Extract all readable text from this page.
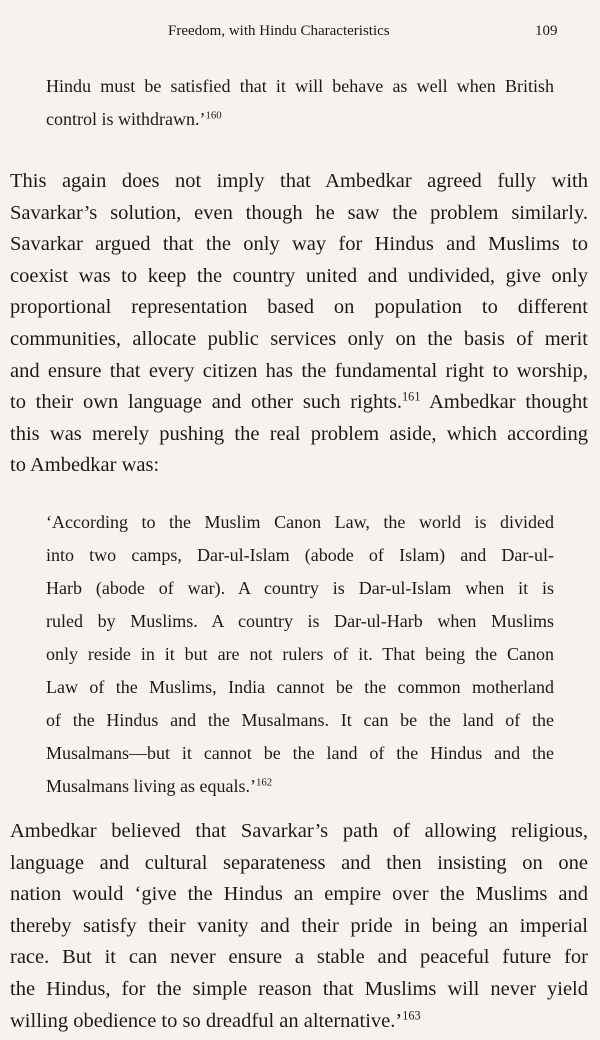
Freedom, with Hindu Characteristics	109
Hindu must be satisfied that it will behave as well when British
control is withdrawn.’$^{160}$
This again does not imply that Ambedkar agreed fully with
Savarkar’s solution, even though he saw the problem similarly.
Savarkar argued that the only way for Hindus and Muslims to
coexist was to keep the country united and undivided, give only
proportional representation based on population to different
communities, allocate public services only on the basis of merit
and ensure that every citizen has the fundamental right to worship,
to their own language and other such rights.$^{161}$ Ambedkar thought
this was merely pushing the real problem aside, which according
to Ambedkar was:
‘According to the Muslim Canon Law, the world is divided
into two camps, Dar-ul-Islam (abode of Islam) and Dar-ul-
Harb (abode of war). A country is Dar-ul-Islam when it is
ruled by Muslims. A country is Dar-ul-Harb when Muslims
only reside in it but are not rulers of it. That being the Canon
Law of the Muslims, India cannot be the common motherland
of the Hindus and the Musalmans. It can be the land of the
Musalmans—but it cannot be the land of the Hindus and the
Musalmans living as equals.’$^{162}$
Ambedkar believed that Savarkar’s path of allowing religious,
language and cultural separateness and then insisting on one
nation would ‘give the Hindus an empire over the Muslims and
thereby satisfy their vanity and their pride in being an imperial
race. But it can never ensure a stable and peaceful future for
the Hindus, for the simple reason that Muslims will never yield
willing obedience to so dreadful an alternative.’$^{163}$
